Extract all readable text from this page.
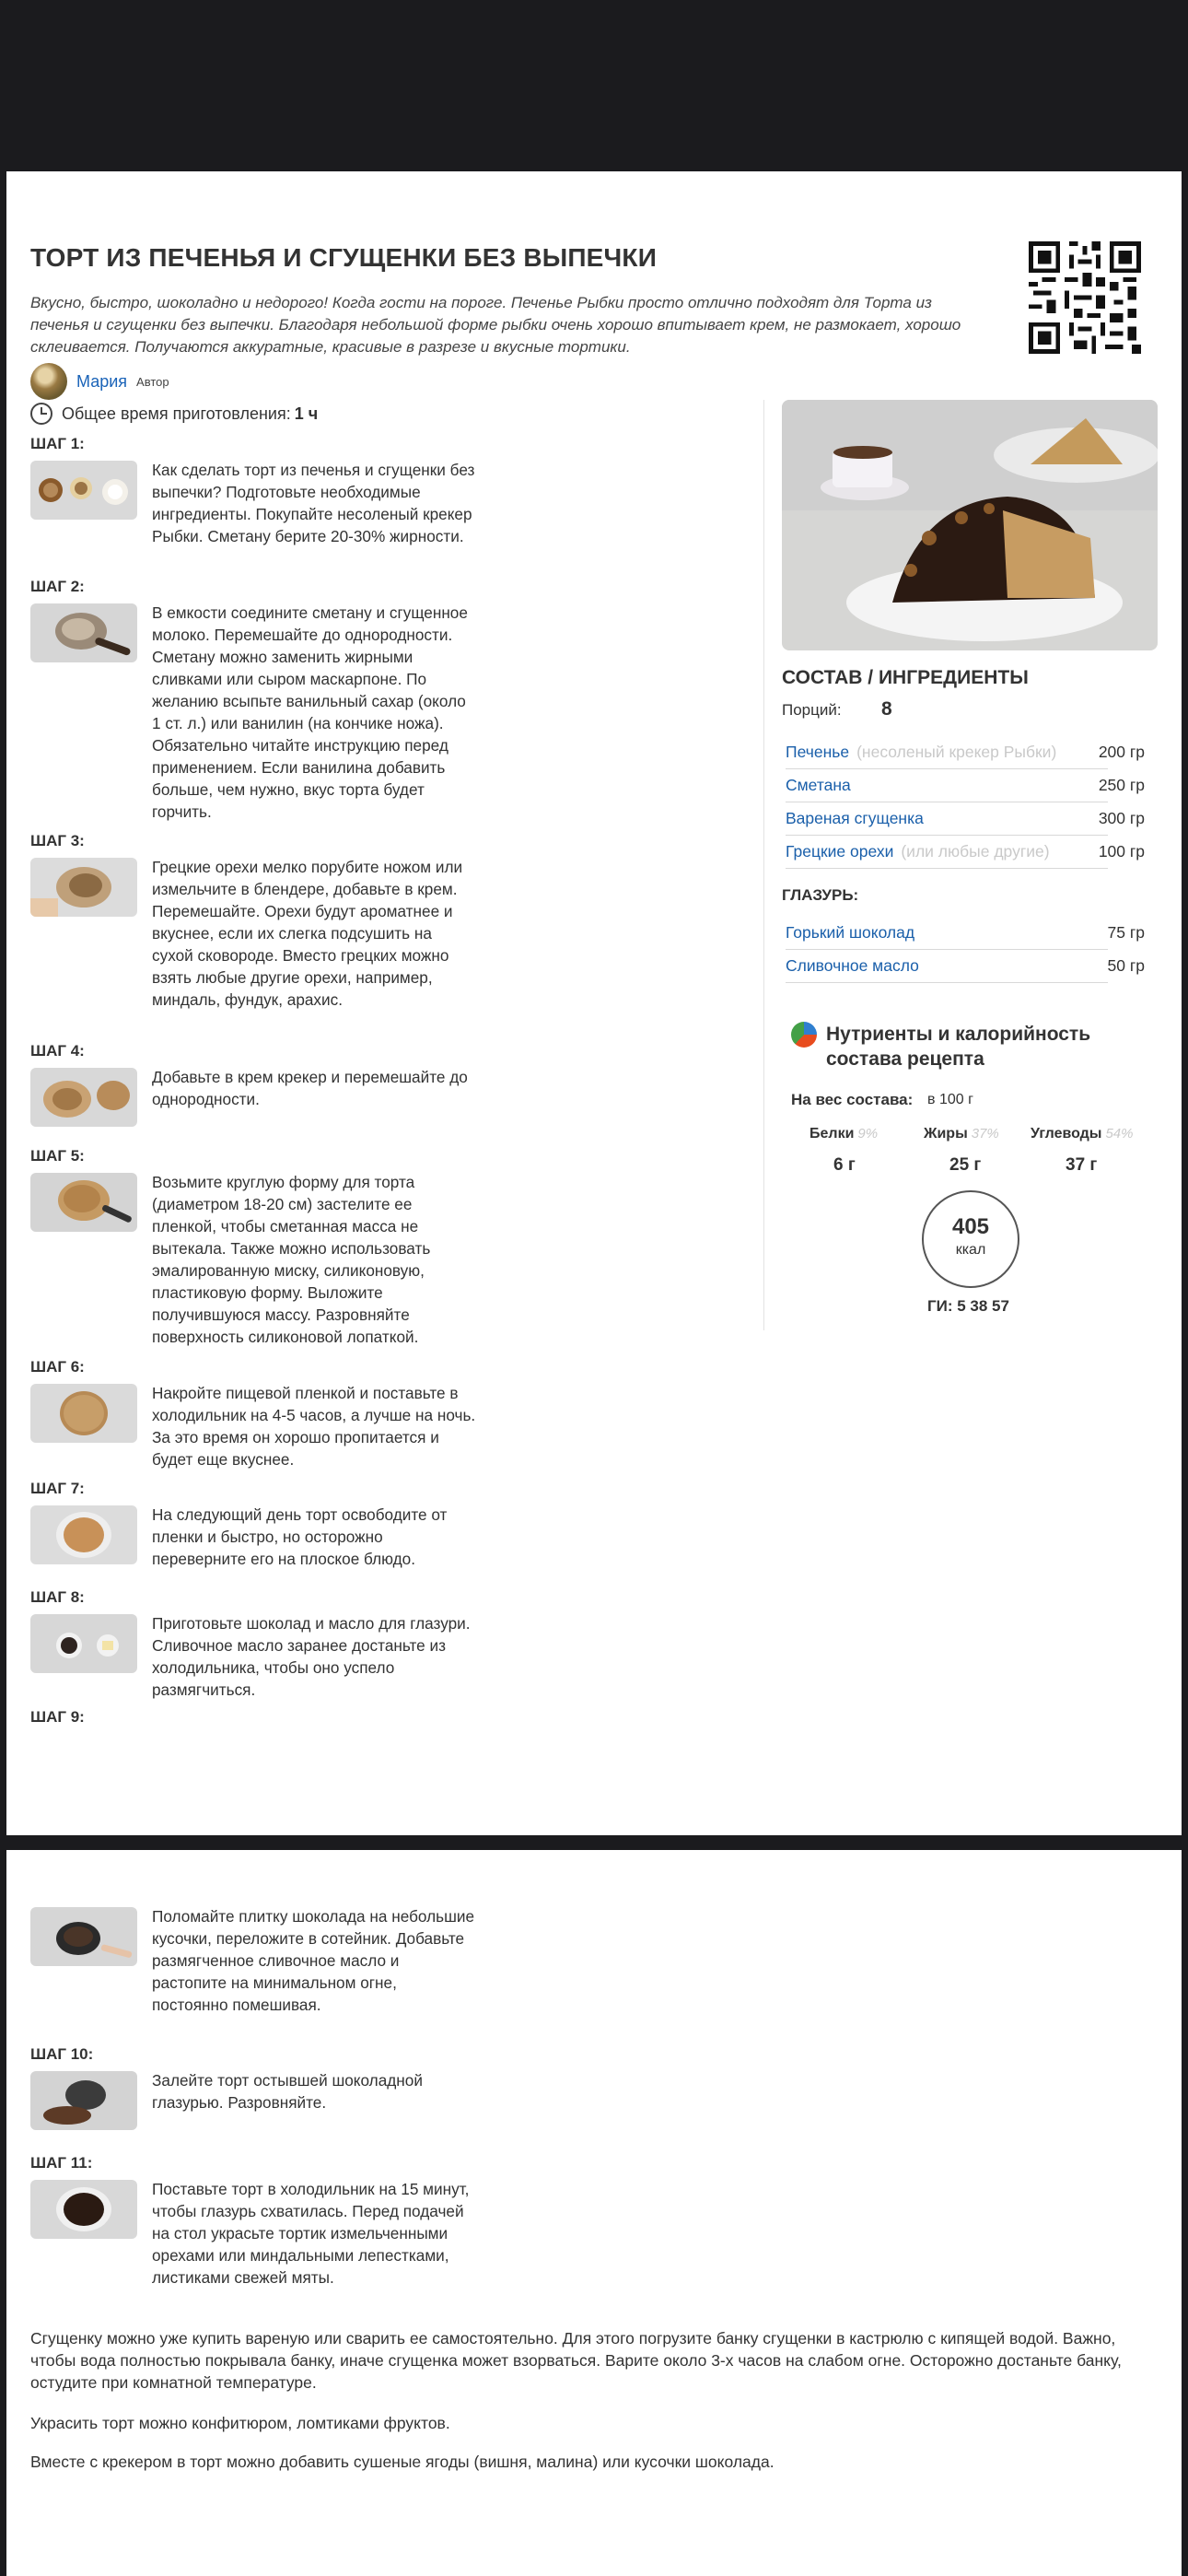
ТОРТ ИЗ ПЕЧЕНЬЯ И СГУЩЕНКИ БЕЗ ВЫПЕЧКИ
Вкусно, быстро, шоколадно и недорого! Когда гости на пороге. Печенье Рыбки просто отлично подходят для Торта из печенья и сгущенки без выпечки. Благодаря небольшой форме рыбки очень хорошо впитывает крем, не размокает, хорошо склеивается. Получаются аккуратные, красивые в разрезе и вкусные тортики.
Мария Автор
Общее время приготовления: 1 ч
ШАГ 1:
Как сделать торт из печенья и сгущенки без выпечки? Подготовьте необходимые ингредиенты. Покупайте несоленый крекер Рыбки. Сметану берите 20-30% жирности.
ШАГ 2:
В емкости соедините сметану и сгущенное молоко. Перемешайте до однородности. Сметану можно заменить жирными сливками или сыром маскарпоне. По желанию всыпьте ванильный сахар (около 1 ст. л.) или ванилин (на кончике ножа). Обязательно читайте инструкцию перед применением. Если ванилина добавить больше, чем нужно, вкус торта будет горчить.
ШАГ 3:
Грецкие орехи мелко порубите ножом или измельчите в блендере, добавьте в крем. Перемешайте. Орехи будут ароматнее и вкуснее, если их слегка подсушить на сухой сковороде. Вместо грецких можно взять любые другие орехи, например, миндаль, фундук, арахис.
ШАГ 4:
Добавьте в крем крекер и перемешайте до однородности.
ШАГ 5:
Возьмите круглую форму для торта (диаметром 18-20 см) застелите ее пленкой, чтобы сметанная масса не вытекала. Также можно использовать эмалированную миску, силиконовую, пластиковую форму. Выложите получившуюся массу. Разровняйте поверхность силиконовой лопаткой.
ШАГ 6:
Накройте пищевой пленкой и поставьте в холодильник на 4-5 часов, а лучше на ночь. За это время он хорошо пропитается и будет еще вкуснее.
ШАГ 7:
На следующий день торт освободите от пленки и быстро, но осторожно переверните его на плоское блюдо.
ШАГ 8:
Приготовьте шоколад и масло для глазури. Сливочное масло заранее достаньте из холодильника, чтобы оно успело размягчиться.
ШАГ 9:
СОСТАВ / ИНГРЕДИЕНТЫ
Порций: 8
Печенье (несоленый крекер Рыбки)	200 гр
Сметана	250 гр
Вареная сгущенка	300 гр
Грецкие орехи (или любые другие)	100 гр
ГЛАЗУРЬ:
Горький шоколад	75 гр
Сливочное масло	50 гр
Нутриенты и калорийность состава рецепта
На вес состава: в 100 г
Белки 9%	Жиры 37% Углеводы 54%
6 г	25 г	37 г
405
ккал
ГИ: 5 38 57
Поломайте плитку шоколада на небольшие кусочки, переложите в сотейник. Добавьте размягченное сливочное масло и растопите на минимальном огне, постоянно помешивая.
ШАГ 10:
Залейте торт остывшей шоколадной глазурью. Разровняйте.
ШАГ 11:
Поставьте торт в холодильник на 15 минут, чтобы глазурь схватилась. Перед подачей на стол украсьте тортик измельченными орехами или миндальными лепестками, листиками свежей мяты.
Сгущенку можно уже купить вареную или сварить ее самостоятельно. Для этого погрузите банку сгущенки в кастрюлю с кипящей водой. Важно, чтобы вода полностью покрывала банку, иначе сгущенка может взорваться. Варите около 3-х часов на слабом огне. Осторожно достаньте банку, остудите при комнатной температуре.
Украсить торт можно конфитюром, ломтиками фруктов.
Вместе с крекером в торт можно добавить сушеные ягоды (вишня, малина) или кусочки шоколада.
